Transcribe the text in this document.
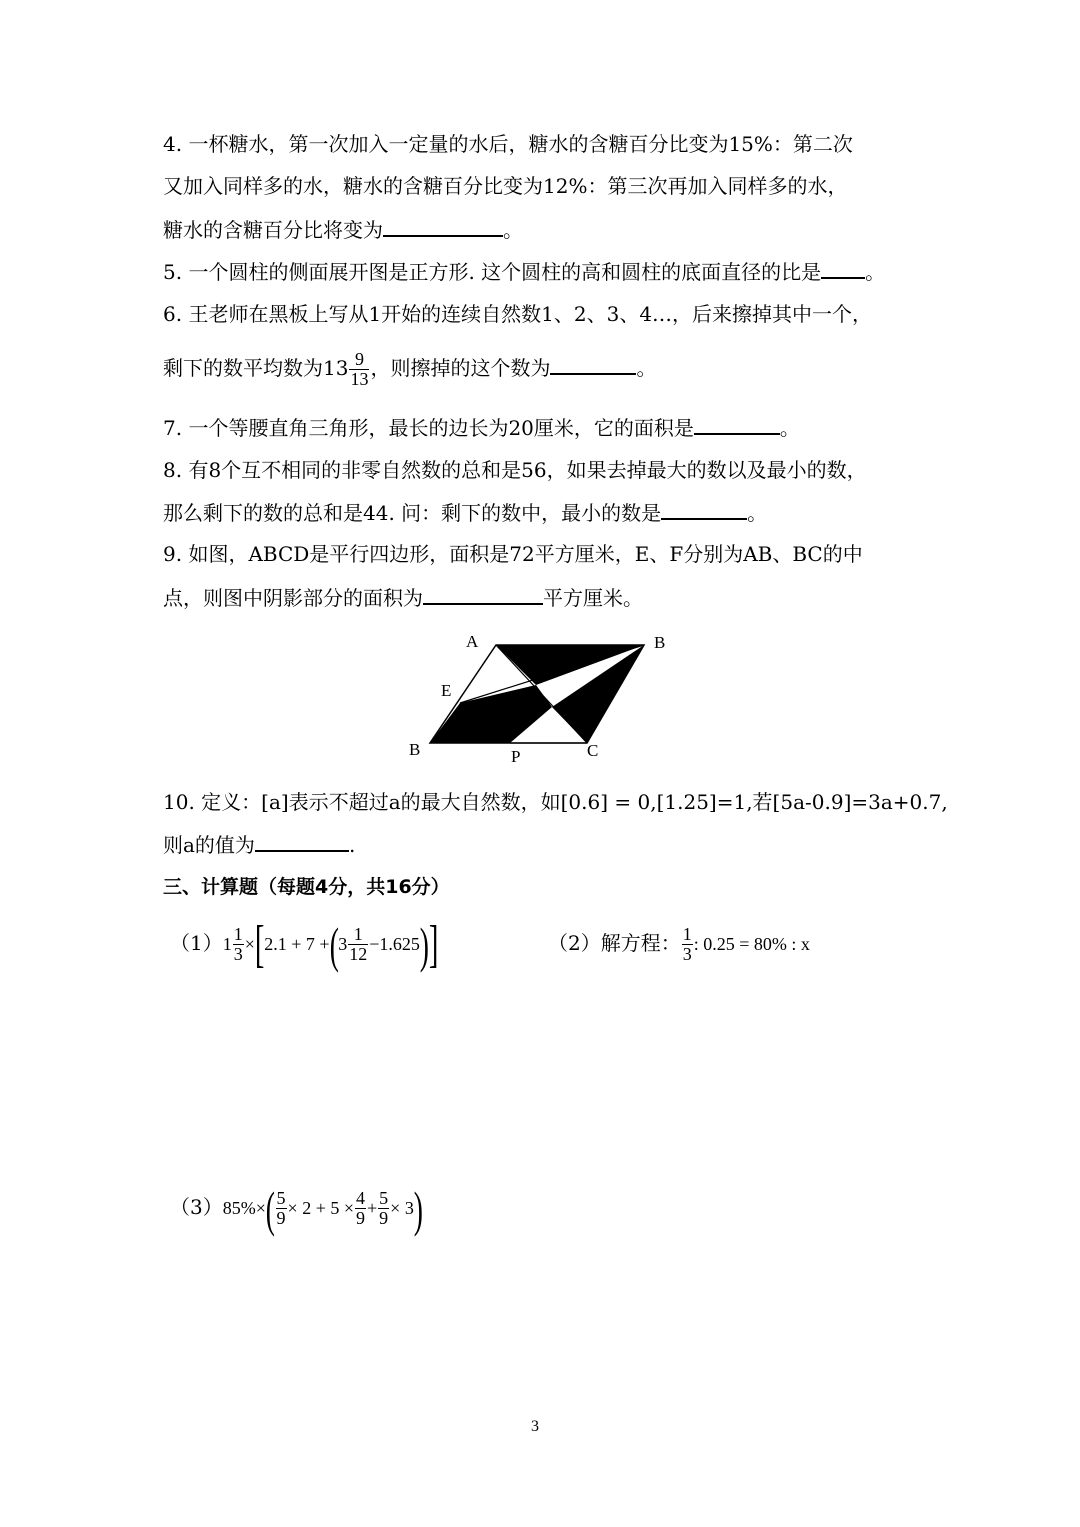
4. 一杯糖水，第一次加入一定量的水后，糖水的含糖百分比变为15%：第二次
又加入同样多的水，糖水的含糖百分比变为12%：第三次再加入同样多的水，
糖水的含糖百分比将变为	。
5. 一个圆柱的侧面展开图是正方形. 这个圆柱的高和圆柱的底面直径的比是 。
6. 王老师在黑板上写从1开始的连续自然数1、2、3、4…，后来擦掉其中一个，
剩下的数平均数为$13 \frac{9}{13}$ ，则擦掉的这个数为	。
7. 一个等腰直角三角形，最长的边长为20厘米，它的面积是	。
8. 有8个互不相同的非零自然数的总和是56，如果去掉最大的数以及最小的数，
那么剩下的数的总和是44. 问：剩下的数中，最小的数是	。
9. 如图，ABCD是平行四边形，面积是72平方厘米，E、F分别为AB、BC的中
点，则图中阴影部分的面积为	平方厘米。
A	B
E
B	P	C
10. 定义：[a]表示不超过a的最大自然数，如[0.6] = 0,[1.25]=1,若[5a-0.9]=3a+0.7,
则a的值为	.
三、计算题（每题4分，共16分）
$(1)1 \frac{1}{3} \times[2.1 + 7 +(3 \frac{1}{12} -1.625)]$	（2）解方程： $\frac{1}{3}$ : 0.25 = 80% : x
$(3)85\%\times( \frac{5}{9} \times 2 + 5 \times \frac{4}{9} + \frac{5}{9} \times 3)$
3
